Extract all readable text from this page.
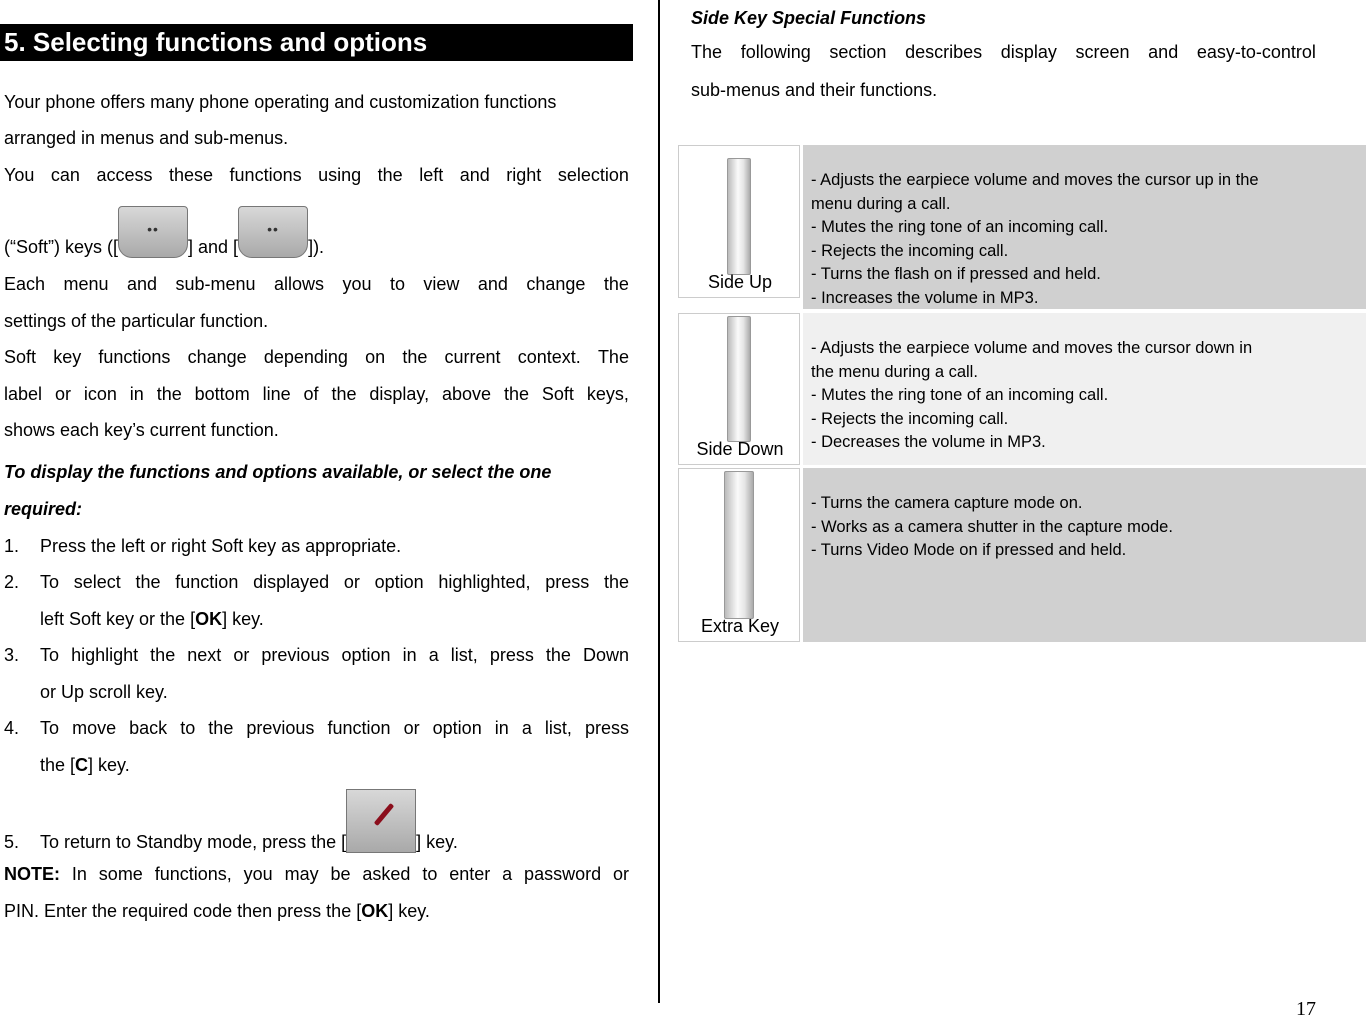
5. Selecting functions and options
Your phone offers many phone operating and customization functions
arranged in menus and sub-menus.
You can access these functions using the left and right selection
(“Soft”) keys ([
••
] and [
••
]).
Each menu and sub-menu allows you to view and change the
settings of the particular function.
Soft key functions change depending on the current context. The
label or icon in the bottom line of the display, above the Soft keys,
shows each key’s current function.
To display the functions and options available, or select the one
required:
1. Press the left or right Soft key as appropriate.
2. To select the function displayed or option highlighted, press the
left Soft key or the [OK] key.
3. To highlight the next or previous option in a list, press the Down
or Up scroll key.
4. To move back to the previous function or option in a list, press
the [C] key.
5.	To return to Standby mode, press the [	] key.
NOTE: In some functions, you may be asked to enter a password or
PIN. Enter the required code then press the [OK] key.
Side Key Special Functions
The following section describes display screen and easy-to-control
sub-menus and their functions.
Side Up
- Adjusts the earpiece volume and moves the cursor up in the
menu during a call.
- Mutes the ring tone of an incoming call.
- Rejects the incoming call.
- Turns the flash on if pressed and held.
- Increases the volume in MP3.
Side Down
- Adjusts the earpiece volume and moves the cursor down in
the menu during a call.
- Mutes the ring tone of an incoming call.
- Rejects the incoming call.
- Decreases the volume in MP3.
Extra Key
- Turns the camera capture mode on.
- Works as a camera shutter in the capture mode.
- Turns Video Mode on if pressed and held.
17
